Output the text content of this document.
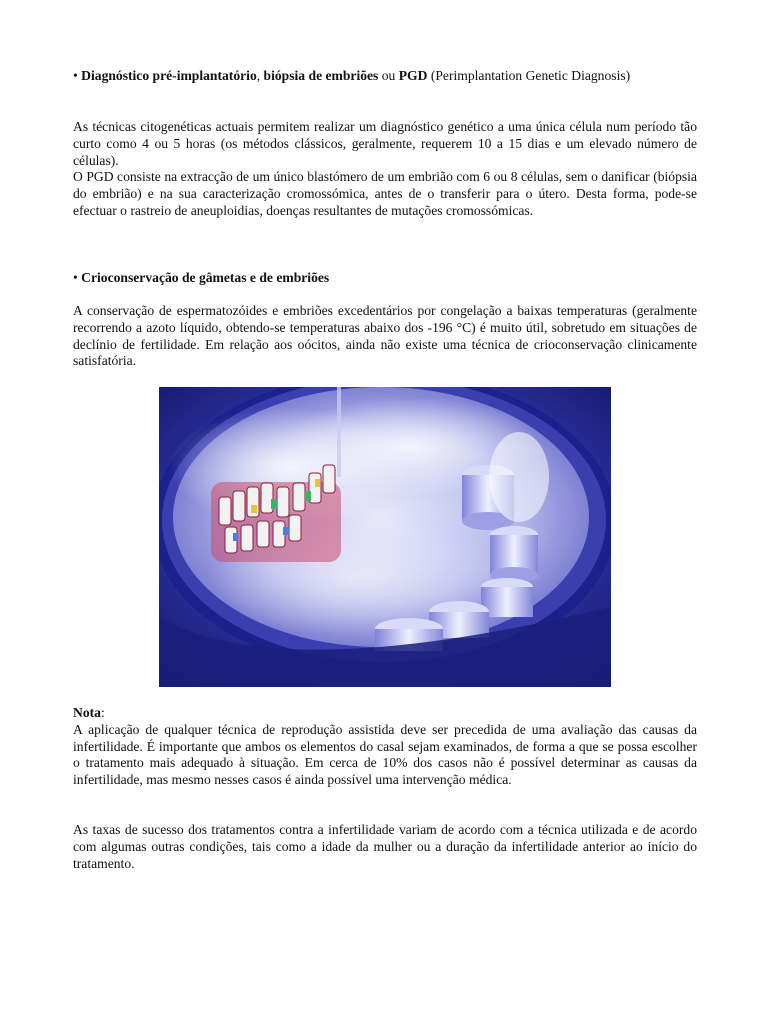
• Diagnóstico pré-implantatório, biópsia de embriões ou PGD (Perimplantation Genetic Diagnosis)

As técnicas citogenéticas actuais permitem realizar um diagnóstico genético a uma única célula num período tão curto como 4 ou 5 horas (os métodos clássicos, geralmente, requerem 10 a 15 dias e um elevado número de células).

O PGD consiste na extracção de um único blastómero de um embrião com 6 ou 8 células, sem o danificar (biópsia do embrião) e na sua caracterização cromossómica, antes de o transferir para o útero. Desta forma, pode-se efectuar o rastreio de aneuploidias, doenças resultantes de mutações cromossómicas.

• Crioconservação de gâmetas e de embriões

A conservação de espermatozóides e embriões excedentários por congelação a baixas temperaturas (geralmente recorrendo a azoto líquido, obtendo-se temperaturas abaixo dos -196 °C) é muito útil, sobretudo em situações de declínio de fertilidade. Em relação aos oócitos, ainda não existe uma técnica de crioconservação clinicamente satisfatória.

Nota:

A aplicação de qualquer técnica de reprodução assistida deve ser precedida de uma avaliação das causas da infertilidade. É importante que ambos os elementos do casal sejam examinados, de forma a que se possa escolher o tratamento mais adequado à situação. Em cerca de 10% dos casos não é possível determinar as causas da infertilidade, mas mesmo nesses casos é ainda possível uma intervenção médica.

As taxas de sucesso dos tratamentos contra a infertilidade variam de acordo com a técnica utilizada e de acordo com algumas outras condições, tais como a idade da mulher ou a duração da infertilidade anterior ao início do tratamento.
